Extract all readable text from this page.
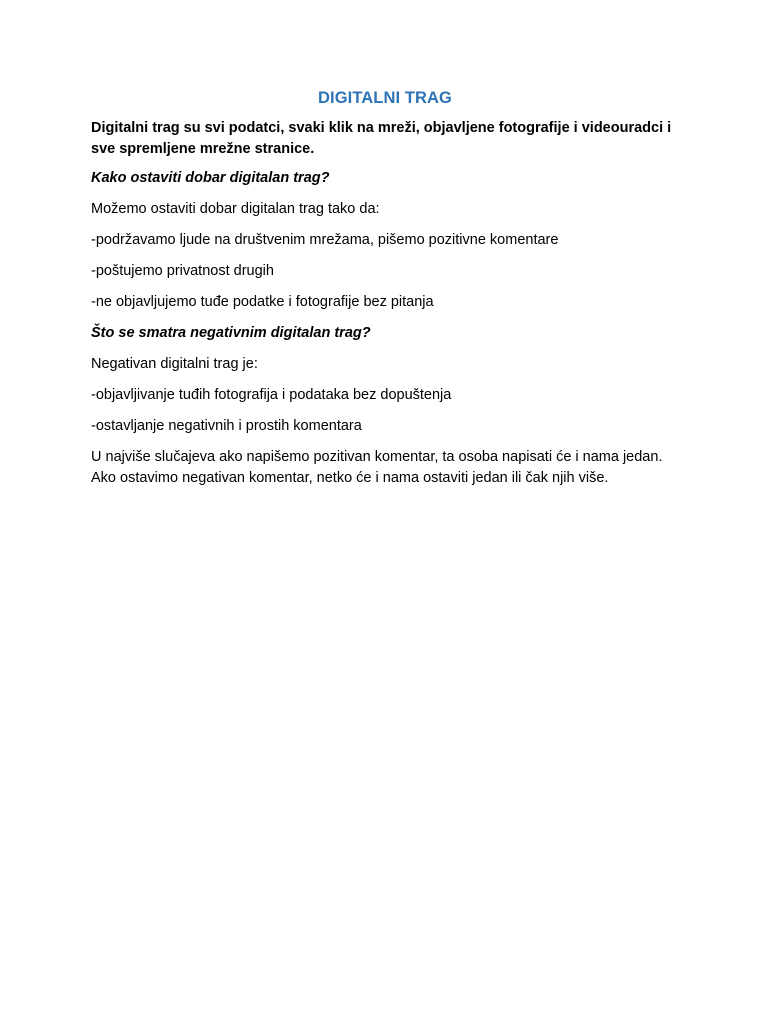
DIGITALNI TRAG
Digitalni trag su svi podatci, svaki klik na mreži, objavljene fotografije i videouradci i sve spremljene mrežne stranice.
Kako ostaviti dobar digitalan trag?
Možemo ostaviti dobar digitalan trag tako da:
-podržavamo ljude na društvenim mrežama, pišemo pozitivne komentare
-poštujemo privatnost drugih
-ne objavljujemo tuđe podatke i fotografije bez pitanja
Što se smatra negativnim digitalan trag?
Negativan digitalni trag je:
-objavljivanje tuđih fotografija i podataka bez dopuštenja
-ostavljanje negativnih i prostih komentara
U najviše slučajeva ako napišemo pozitivan komentar, ta osoba napisati će i nama jedan. Ako ostavimo negativan komentar, netko će i nama ostaviti jedan ili čak njih više.
